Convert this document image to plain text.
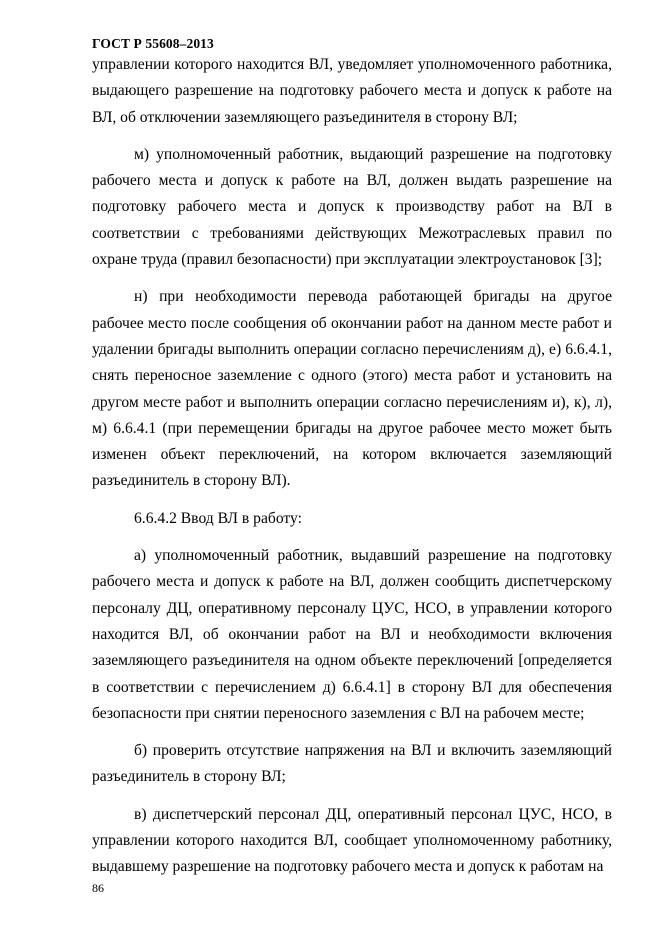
ГОСТ Р 55608–2013

управлении которого находится ВЛ, уведомляет уполномоченного работника, выдающего разрешение на подготовку рабочего места и допуск к работе на ВЛ, об отключении заземляющего разъединителя в сторону ВЛ;

м) уполномоченный работник, выдающий разрешение на подготовку рабочего места и допуск к работе на ВЛ, должен выдать разрешение на подготовку рабочего места и допуск к производству работ на ВЛ в соответствии с требованиями действующих Межотраслевых правил по охране труда (правил безопасности) при эксплуатации электроустановок [3];

н) при необходимости перевода работающей бригады на другое рабочее место после сообщения об окончании работ на данном месте работ и удалении бригады выполнить операции согласно перечислениям д), е) 6.6.4.1, снять переносное заземление с одного (этого) места работ и установить на другом месте работ и выполнить операции согласно перечислениям и), к), л), м) 6.6.4.1 (при перемещении бригады на другое рабочее место может быть изменен объект переключений, на котором включается заземляющий разъединитель в сторону ВЛ).

6.6.4.2 Ввод ВЛ в работу:

а) уполномоченный работник, выдавший разрешение на подготовку рабочего места и допуск к работе на ВЛ, должен сообщить диспетчерскому персоналу ДЦ, оперативному персоналу ЦУС, НСО, в управлении которого находится ВЛ, об окончании работ на ВЛ и необходимости включения заземляющего разъединителя на одном объекте переключений [определяется в соответствии с перечислением д) 6.6.4.1] в сторону ВЛ для обеспечения безопасности при снятии переносного заземления с ВЛ на рабочем месте;

б) проверить отсутствие напряжения на ВЛ и включить заземляющий разъединитель в сторону ВЛ;

в) диспетчерский персонал ДЦ, оперативный персонал ЦУС, НСО, в управлении которого находится ВЛ, сообщает уполномоченному работнику, выдавшему разрешение на подготовку рабочего места и допуск к работам на

86
